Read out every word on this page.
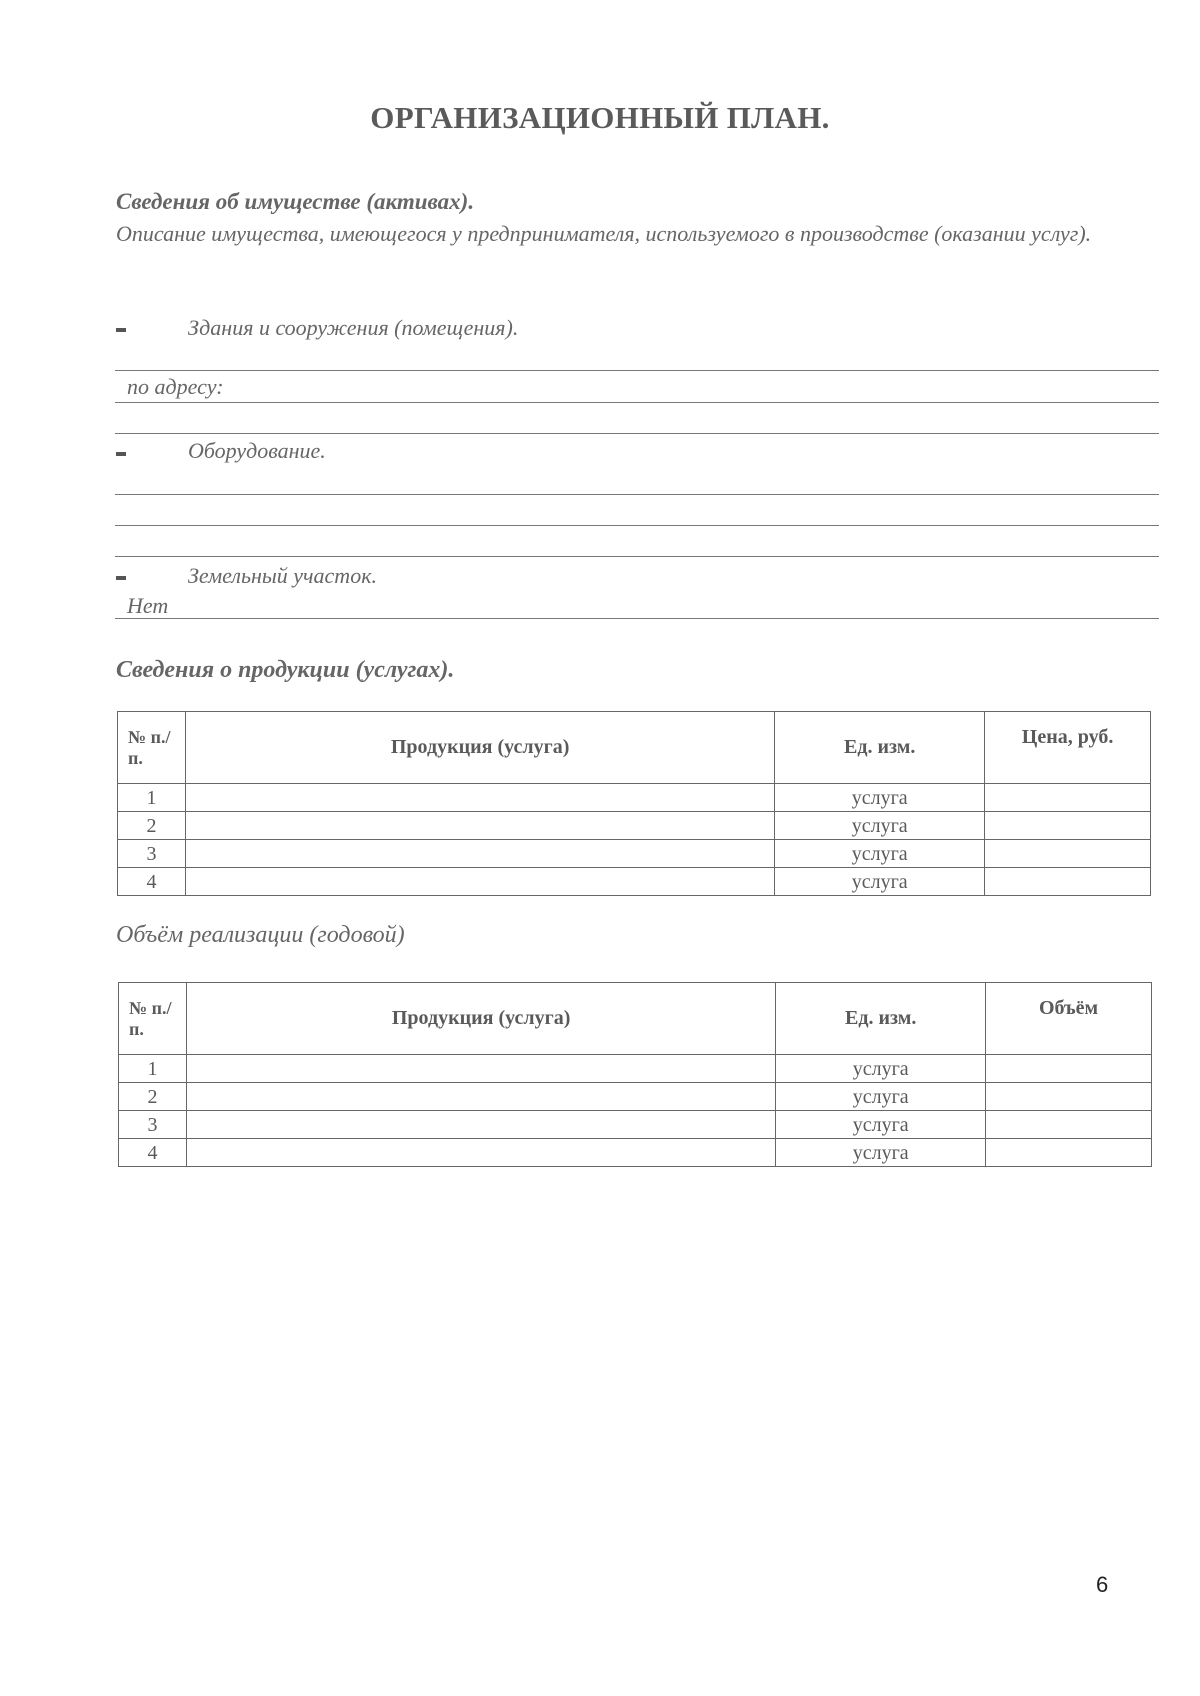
ОРГАНИЗАЦИОННЫЙ ПЛАН.
Сведения об имуществе (активах).
Описание имущества, имеющегося у предпринимателя, используемого в производстве (оказании услуг).
Здания и сооружения (помещения).
по адресу:
Оборудование.
Земельный участок.
Нет
Сведения о продукции (услугах).
№ п./п.	Продукция (услуга)	Ед. изм.	Цена, руб.
1		услуга	
2		услуга	
3		услуга	
4		услуга	
Объём реализации (годовой)
№ п./п.	Продукция (услуга)	Ед. изм.	Объём
1		услуга	
2		услуга	
3		услуга	
4		услуга	
6
